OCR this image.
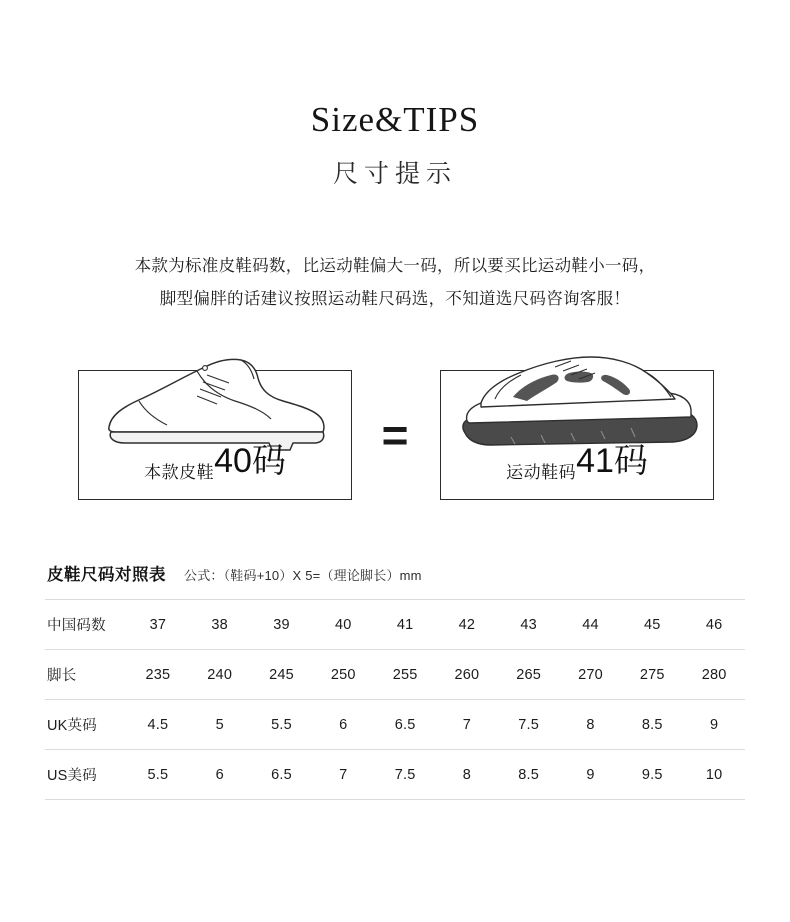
Size&TIPS
尺寸提示
本款为标准皮鞋码数，比运动鞋偏大一码，所以要买比运动鞋小一码，
脚型偏胖的话建议按照运动鞋尺码选，不知道选尺码咨询客服！
本款皮鞋40码	=
运动鞋码41码
皮鞋尺码对照表 公式：（鞋码+10）X 5=（理论脚长）mm
中国码数	37	38	39	40	41	42	43	44	45	46
脚长	235	240	245	250	255	260	265	270	275	280
UK英码	4.5	5	5.5	6	6.5	7	7.5	8	8.5	9
US美码	5.5	6	6.5	7	7.5	8	8.5	9	9.5	10
